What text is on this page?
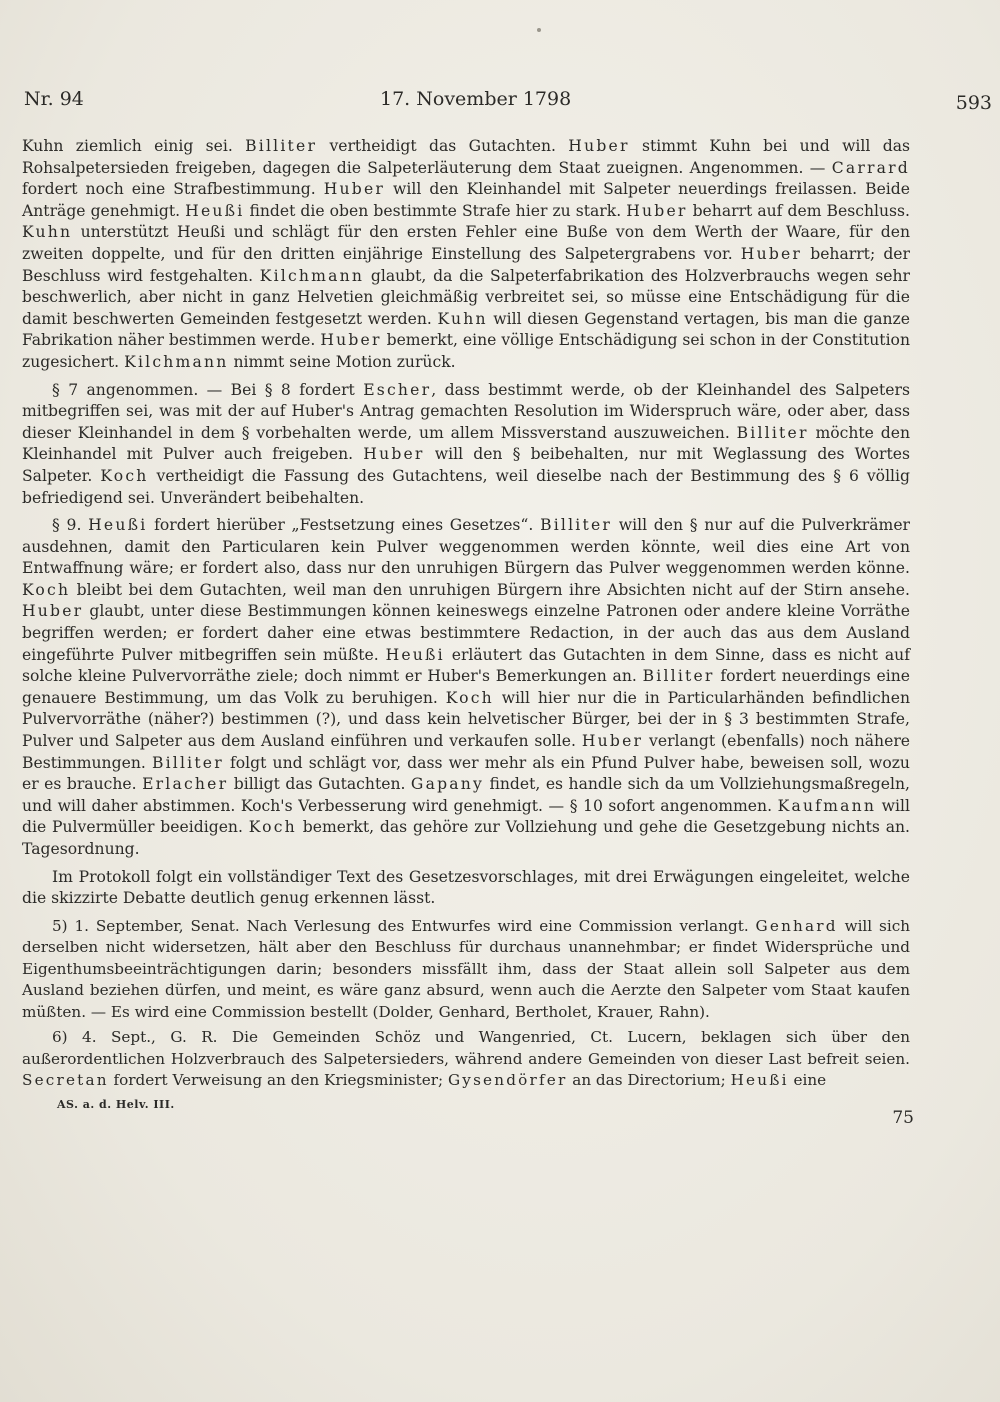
Nr. 94	17. November 1798	593

Kuhn ziemlich einig sei. Billiter vertheidigt das Gutachten. Huber stimmt Kuhn bei und will das Rohsalpetersieden freigeben, dagegen die Salpeterläuterung dem Staat zueignen. Angenommen. — Carrard fordert noch eine Strafbestimmung. Huber will den Kleinhandel mit Salpeter neuerdings freilassen. Beide Anträge genehmigt. Heußi findet die oben bestimmte Strafe hier zu stark. Huber beharrt auf dem Beschluss. Kuhn unterstützt Heußi und schlägt für den ersten Fehler eine Buße von dem Werth der Waare, für den zweiten doppelte, und für den dritten einjährige Einstellung des Salpetergrabens vor. Huber beharrt; der Beschluss wird festgehalten. Kilchmann glaubt, da die Salpeterfabrikation des Holzverbrauchs wegen sehr beschwerlich, aber nicht in ganz Helvetien gleichmäßig verbreitet sei, so müsse eine Entschädigung für die damit beschwerten Gemeinden festgesetzt werden. Kuhn will diesen Gegenstand vertagen, bis man die ganze Fabrikation näher bestimmen werde. Huber bemerkt, eine völlige Entschädigung sei schon in der Constitution zugesichert. Kilchmann nimmt seine Motion zurück.

§ 7 angenommen. — Bei § 8 fordert Escher, dass bestimmt werde, ob der Kleinhandel des Salpeters mitbegriffen sei, was mit der auf Huber's Antrag gemachten Resolution im Widerspruch wäre, oder aber, dass dieser Kleinhandel in dem § vorbehalten werde, um allem Missverstand auszuweichen. Billiter möchte den Kleinhandel mit Pulver auch freigeben. Huber will den § beibehalten, nur mit Weglassung des Wortes Salpeter. Koch vertheidigt die Fassung des Gutachtens, weil dieselbe nach der Bestimmung des § 6 völlig befriedigend sei. Unverändert beibehalten.

§ 9. Heußi fordert hierüber „Festsetzung eines Gesetzes“. Billiter will den § nur auf die Pulverkrämer ausdehnen, damit den Particularen kein Pulver weggenommen werden könnte, weil dies eine Art von Entwaffnung wäre; er fordert also, dass nur den unruhigen Bürgern das Pulver weggenommen werden könne. Koch bleibt bei dem Gutachten, weil man den unruhigen Bürgern ihre Absichten nicht auf der Stirn ansehe. Huber glaubt, unter diese Bestimmungen können keineswegs einzelne Patronen oder andere kleine Vorräthe begriffen werden; er fordert daher eine etwas bestimmtere Redaction, in der auch das aus dem Ausland eingeführte Pulver mitbegriffen sein müßte. Heußi erläutert das Gutachten in dem Sinne, dass es nicht auf solche kleine Pulvervorräthe ziele; doch nimmt er Huber's Bemerkungen an. Billiter fordert neuerdings eine genauere Bestimmung, um das Volk zu beruhigen. Koch will hier nur die in Particularhänden befindlichen Pulvervorräthe (näher?) bestimmen (?), und dass kein helvetischer Bürger, bei der in § 3 bestimmten Strafe, Pulver und Salpeter aus dem Ausland einführen und verkaufen solle. Huber verlangt (ebenfalls) noch nähere Bestimmungen. Billiter folgt und schlägt vor, dass wer mehr als ein Pfund Pulver habe, beweisen soll, wozu er es brauche. Erlacher billigt das Gutachten. Gapany findet, es handle sich da um Vollziehungsmaßregeln, und will daher abstimmen. Koch's Verbesserung wird genehmigt. — § 10 sofort angenommen. Kaufmann will die Pulvermüller beeidigen. Koch bemerkt, das gehöre zur Vollziehung und gehe die Gesetzgebung nichts an. Tagesordnung.

Im Protokoll folgt ein vollständiger Text des Gesetzesvorschlages, mit drei Erwägungen eingeleitet, welche die skizzirte Debatte deutlich genug erkennen lässt.

5) 1. September, Senat. Nach Verlesung des Entwurfes wird eine Commission verlangt. Genhard will sich derselben nicht widersetzen, hält aber den Beschluss für durchaus unannehmbar; er findet Widersprüche und Eigenthumsbeeinträchtigungen darin; besonders missfällt ihm, dass der Staat allein soll Salpeter aus dem Ausland beziehen dürfen, und meint, es wäre ganz absurd, wenn auch die Aerzte den Salpeter vom Staat kaufen müßten. — Es wird eine Commission bestellt (Dolder, Genhard, Bertholet, Krauer, Rahn).

6) 4. Sept., G. R. Die Gemeinden Schöz und Wangenried, Ct. Lucern, beklagen sich über den außerordentlichen Holzverbrauch des Salpetersieders, während andere Gemeinden von dieser Last befreit seien. Secretan fordert Verweisung an den Kriegsminister; Gysendörfer an das Directorium; Heußi eine

AS. a. d. Helv. III.
75
